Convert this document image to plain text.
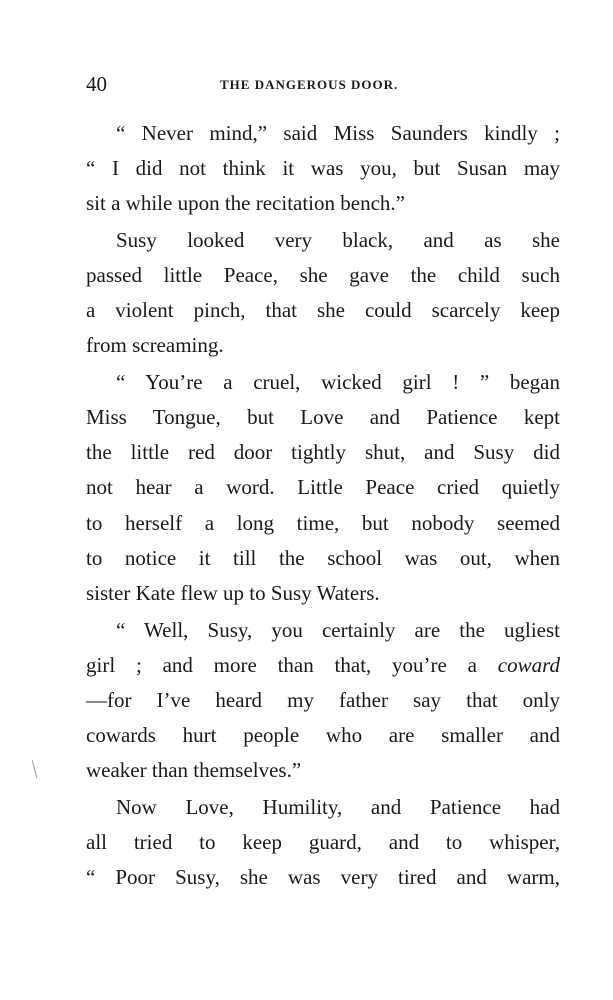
40	THE DANGEROUS DOOR.
“ Never mind,” said Miss Saunders kindly ;
“ I did not think it was you, but Susan may
sit a while upon the recitation bench.”
Susy looked very black, and as she
passed little Peace, she gave the child such
a violent pinch, that she could scarcely keep
from screaming.
“ You’re a cruel, wicked girl ! ” began
Miss Tongue, but Love and Patience kept
the little red door tightly shut, and Susy did
not hear a word. Little Peace cried quietly
to herself a long time, but nobody seemed
to notice it till the school was out, when
sister Kate flew up to Susy Waters.
“ Well, Susy, you certainly are the ugliest
girl ; and more than that, you’re a coward
—for I’ve heard my father say that only
cowards hurt people who are smaller and
weaker than themselves.”
Now Love, Humility, and Patience had
all tried to keep guard, and to whisper,
“ Poor Susy, she was very tired and warm,
